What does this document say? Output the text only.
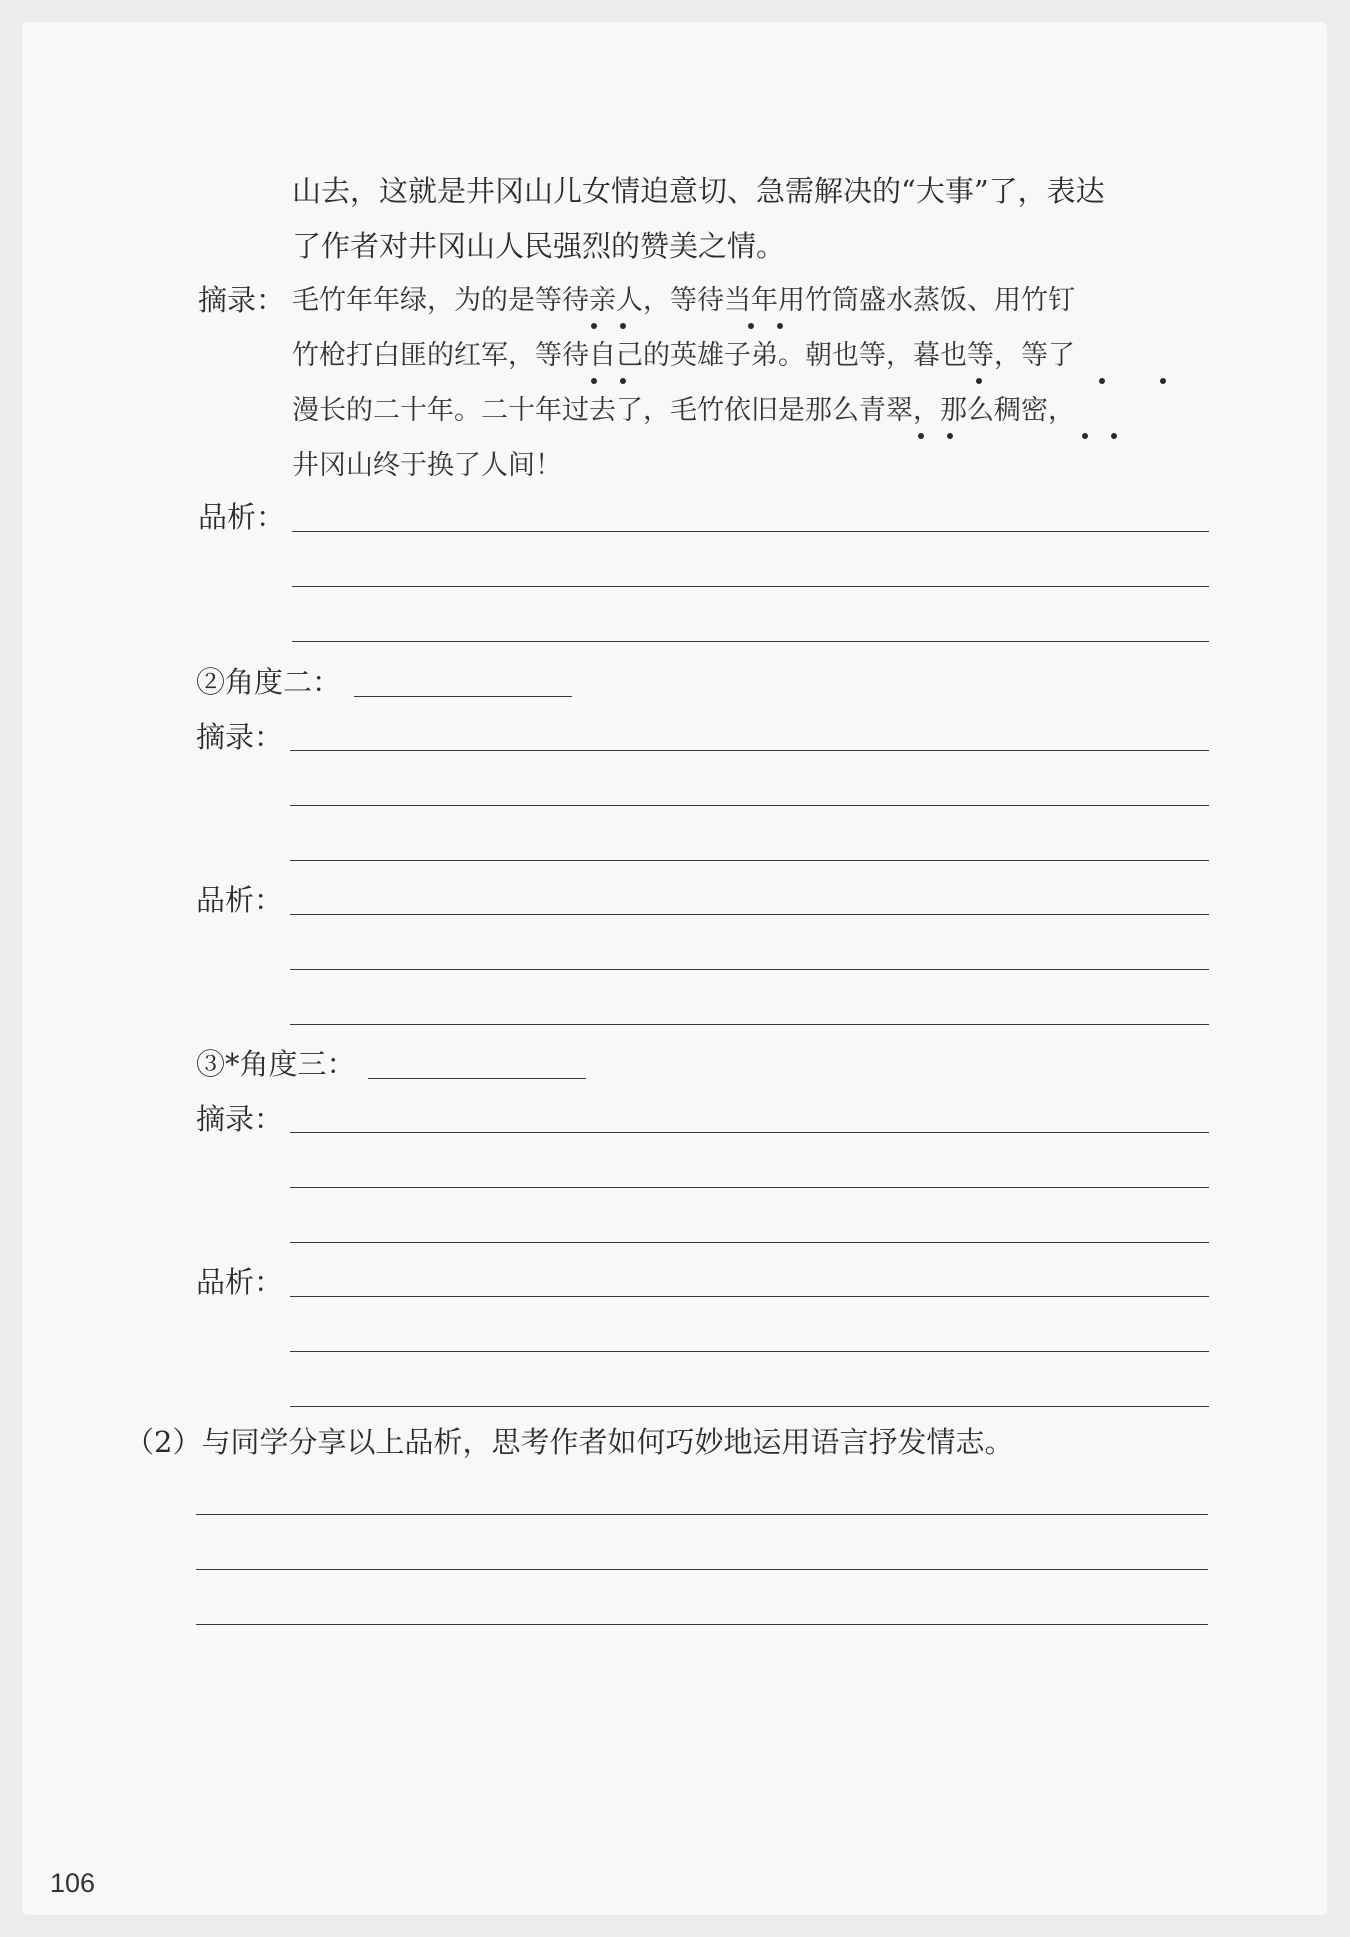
山去，这就是井冈山儿女情迫意切、急需解决的“大事”了，表达
了作者对井冈山人民强烈的赞美之情。
摘录： 毛竹年年绿，为的是等待亲人，等待当年用竹筒盛水蒸饭、用竹钉
竹枪打白匪的红军，等待自己的英雄子弟。朝也等，暮也等，等了
漫长的二十年。二十年过去了，毛竹依旧是那么青翠，那么稠密，
井冈山终于换了人间！
品析：
②角度二：
摘录：
品析：
③*角度三：
摘录：
品析：
（2）与同学分享以上品析，思考作者如何巧妙地运用语言抒发情志。
106
